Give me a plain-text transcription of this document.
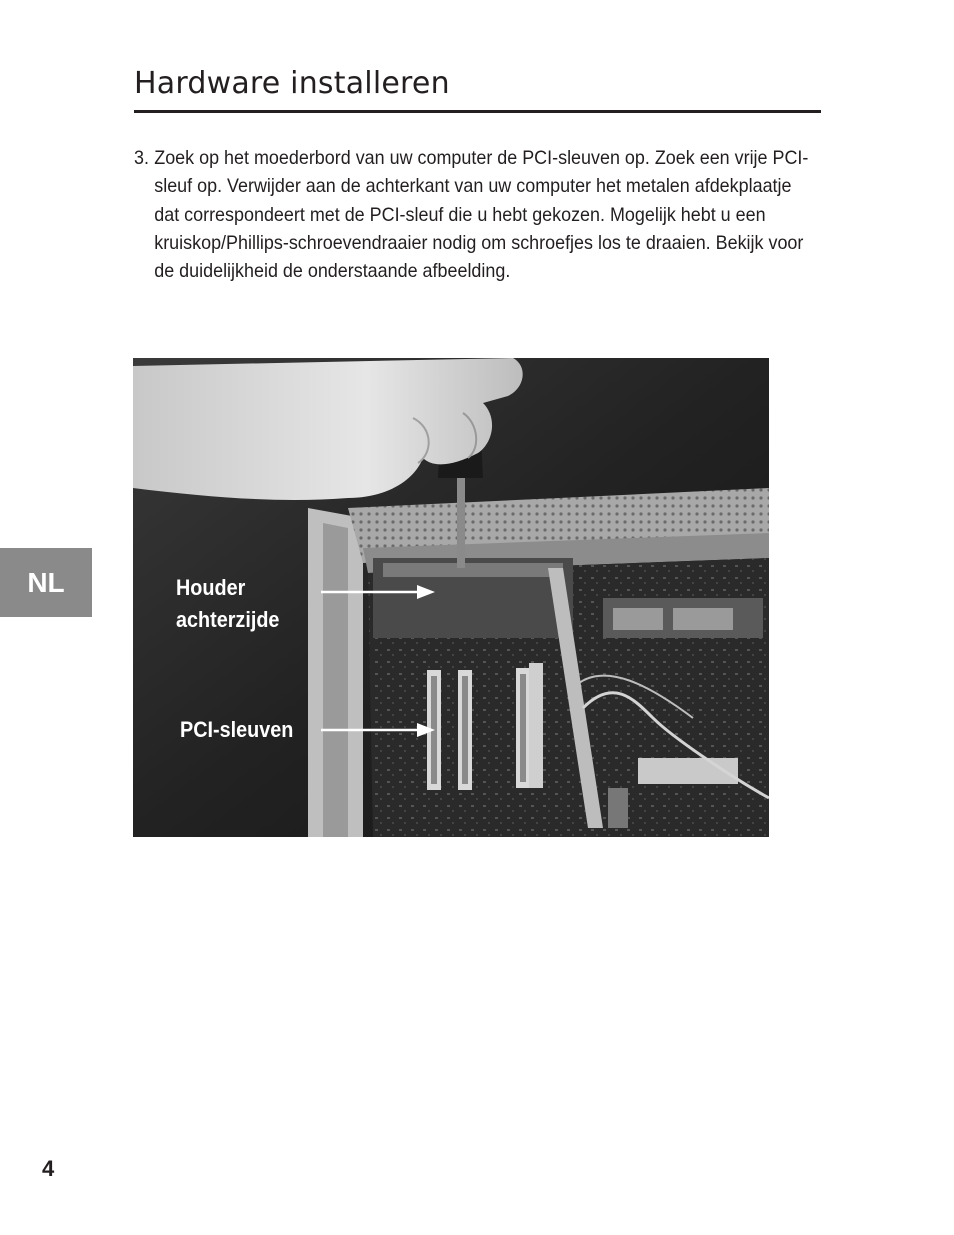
Hardware installeren
3. Zoek op het moederbord van uw computer de PCI-sleuven op. Zoek een vrije PCI-sleuf op. Verwijder aan de achterkant van uw computer het metalen afdekplaatje dat correspondeert met de PCI-sleuf die u hebt gekozen. Mogelijk hebt u een kruiskop/Phillips-schroevendraaier nodig om schroefjes los te draaien. Bekijk voor de duidelijkheid de onderstaande afbeelding.
Houder
achterzijde
PCI-sleuven
NL
4
